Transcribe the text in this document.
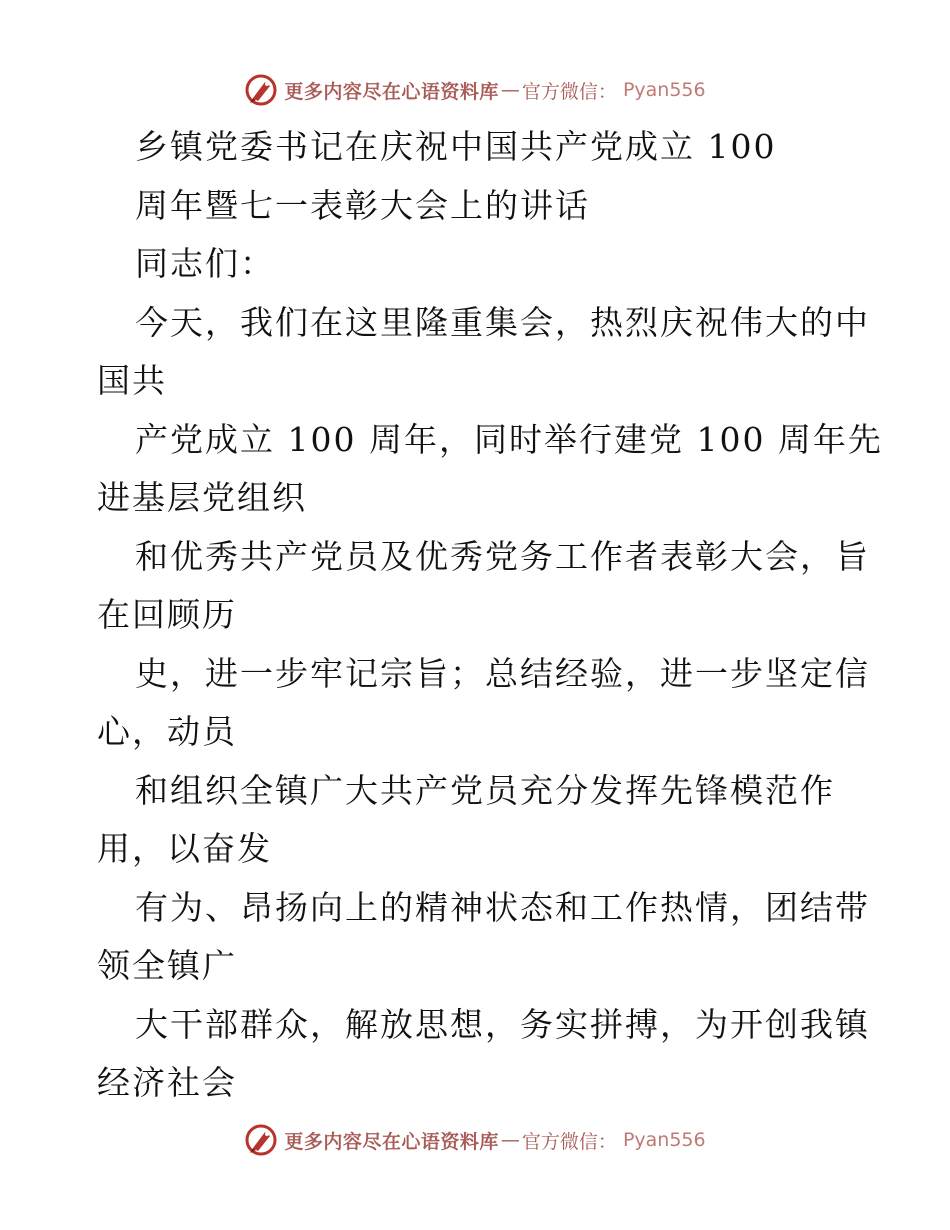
更多内容尽在心语资料库 — 官方微信： Pyan556
乡镇党委书记在庆祝中国共产党成立 100
周年暨七一表彰大会上的讲话
同志们：
今天，我们在这里隆重集会，热烈庆祝伟大的中
国共
产党成立 100 周年，同时举行建党 100 周年先
进基层党组织
和优秀共产党员及优秀党务工作者表彰大会，旨
在回顾历
史，进一步牢记宗旨；总结经验，进一步坚定信
心，动员
和组织全镇广大共产党员充分发挥先锋模范作
用，以奋发
有为、昂扬向上的精神状态和工作热情，团结带
领全镇广
大干部群众，解放思想，务实拼搏，为开创我镇
经济社会
更多内容尽在心语资料库 — 官方微信： Pyan556
